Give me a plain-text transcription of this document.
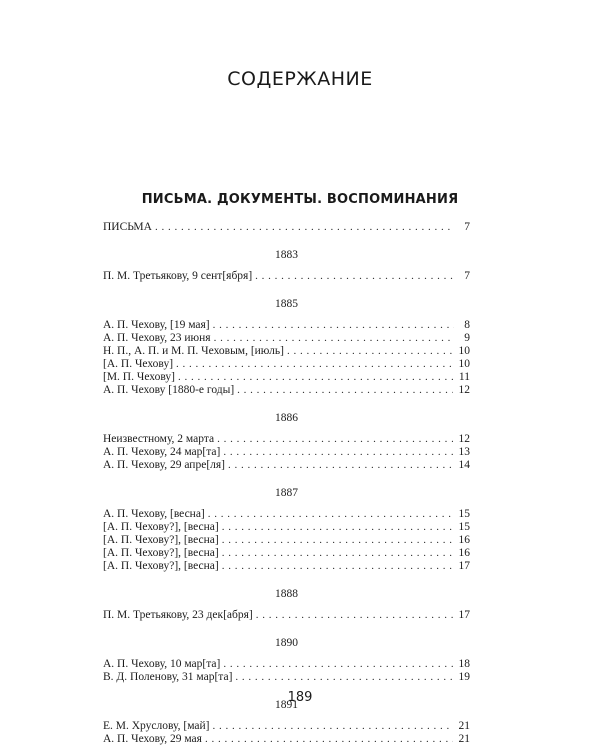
СОДЕРЖАНИЕ
ПИСЬМА. ДОКУМЕНТЫ. ВОСПОМИНАНИЯ
ПИСЬМА . . .	7
1883
П. М. Третьякову, 9 сент[ября] . . .	7
1885
А. П. Чехову, [19 мая] . . .	8
А. П. Чехову, 23 июня . . .	9
Н. П., А. П. и М. П. Чеховым, [июль] . . .	10
[А. П. Чехову] . . .	10
[М. П. Чехову] . . .	11
А. П. Чехову [1880-е годы] . . .	12
1886
Неизвестному, 2 марта . . .	12
А. П. Чехову, 24 мар[та] . . .	13
А. П. Чехову, 29 апре[ля] . . .	14
1887
А. П. Чехову, [весна] . . .	15
[А. П. Чехову?], [весна] . . .	15
[А. П. Чехову?], [весна] . . .	16
[А. П. Чехову?], [весна] . . .	16
[А. П. Чехову?], [весна] . . .	17
1888
П. М. Третьякову, 23 дек[абря] . . .	17
1890
А. П. Чехову, 10 мар[та] . . .	18
В. Д. Поленову, 31 мар[та] . . .	19
1891
Е. М. Хруслову, [май] . . .	21
А. П. Чехову, 29 мая . . .	21
189
